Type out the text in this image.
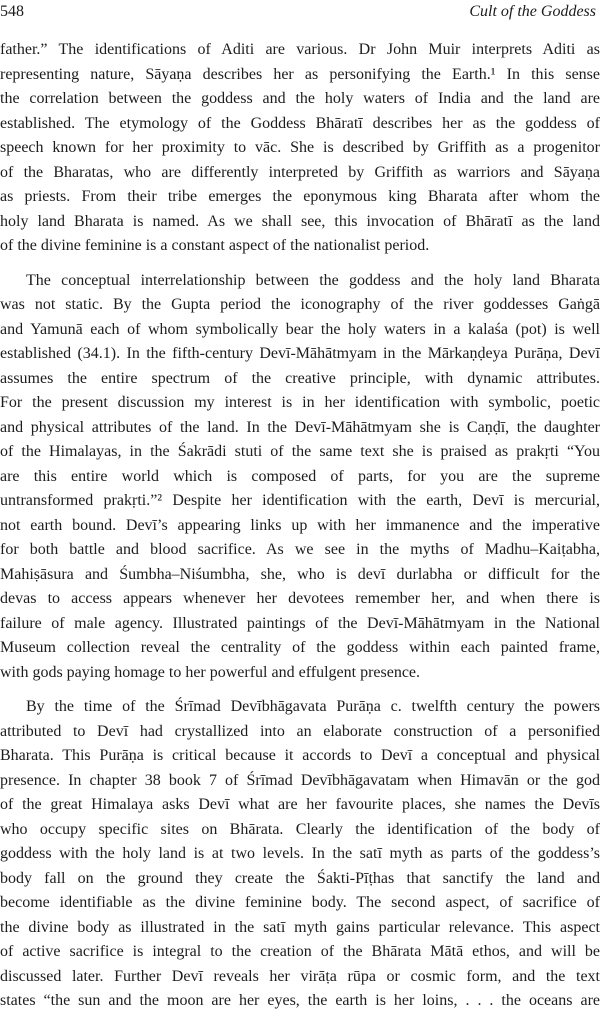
548	Cult of the Goddess

father.” The identifications of Aditi are various. Dr John Muir interprets Aditi as
representing nature, Sāyaṇa describes her as personifying the Earth.¹ In this sense
the correlation between the goddess and the holy waters of India and the land are
established. The etymology of the Goddess Bhāratī describes her as the goddess of
speech known for her proximity to vāc. She is described by Griffith as a progenitor
of the Bharatas, who are differently interpreted by Griffith as warriors and Sāyaṇa
as priests. From their tribe emerges the eponymous king Bharata after whom the
holy land Bharata is named. As we shall see, this invocation of Bhāratī as the land
of the divine feminine is a constant aspect of the nationalist period.

The conceptual interrelationship between the goddess and the holy land Bharata
was not static. By the Gupta period the iconography of the river goddesses Gaṅgā
and Yamunā each of whom symbolically bear the holy waters in a kalaśa (pot) is well
established (34.1). In the fifth-century Devī-Māhātmyam in the Mārkaṇḍeya Purāṇa, Devī
assumes the entire spectrum of the creative principle, with dynamic attributes.
For the present discussion my interest is in her identification with symbolic, poetic
and physical attributes of the land. In the Devī-Māhātmyam she is Caṇḍī, the daughter
of the Himalayas, in the Śakrādi stuti of the same text she is praised as prakṛti “You
are this entire world which is composed of parts, for you are the supreme
untransformed prakṛti.”² Despite her identification with the earth, Devī is mercurial,
not earth bound. Devī’s appearing links up with her immanence and the imperative
for both battle and blood sacrifice. As we see in the myths of Madhu–Kaiṭabha,
Mahiṣāsura and Śumbha–Niśumbha, she, who is devī durlabha or difficult for the
devas to access appears whenever her devotees remember her, and when there is
failure of male agency. Illustrated paintings of the Devī-Māhātmyam in the National
Museum collection reveal the centrality of the goddess within each painted frame,
with gods paying homage to her powerful and effulgent presence.

By the time of the Śrīmad Devībhāgavata Purāṇa c. twelfth century the powers
attributed to Devī had crystallized into an elaborate construction of a personified
Bharata. This Purāṇa is critical because it accords to Devī a conceptual and physical
presence. In chapter 38 book 7 of Śrīmad Devībhāgavatam when Himavān or the god
of the great Himalaya asks Devī what are her favourite places, she names the Devīs
who occupy specific sites on Bhārata. Clearly the identification of the body of
goddess with the holy land is at two levels. In the satī myth as parts of the goddess’s
body fall on the ground they create the Śakti-Pīṭhas that sanctify the land and
become identifiable as the divine feminine body. The second aspect, of sacrifice of
the divine body as illustrated in the satī myth gains particular relevance. This aspect
of active sacrifice is integral to the creation of the Bhārata Mātā ethos, and will be
discussed later. Further Devī reveals her virāṭa rūpa or cosmic form, and the text
states “the sun and the moon are her eyes, the earth is her loins, . . . the oceans are
